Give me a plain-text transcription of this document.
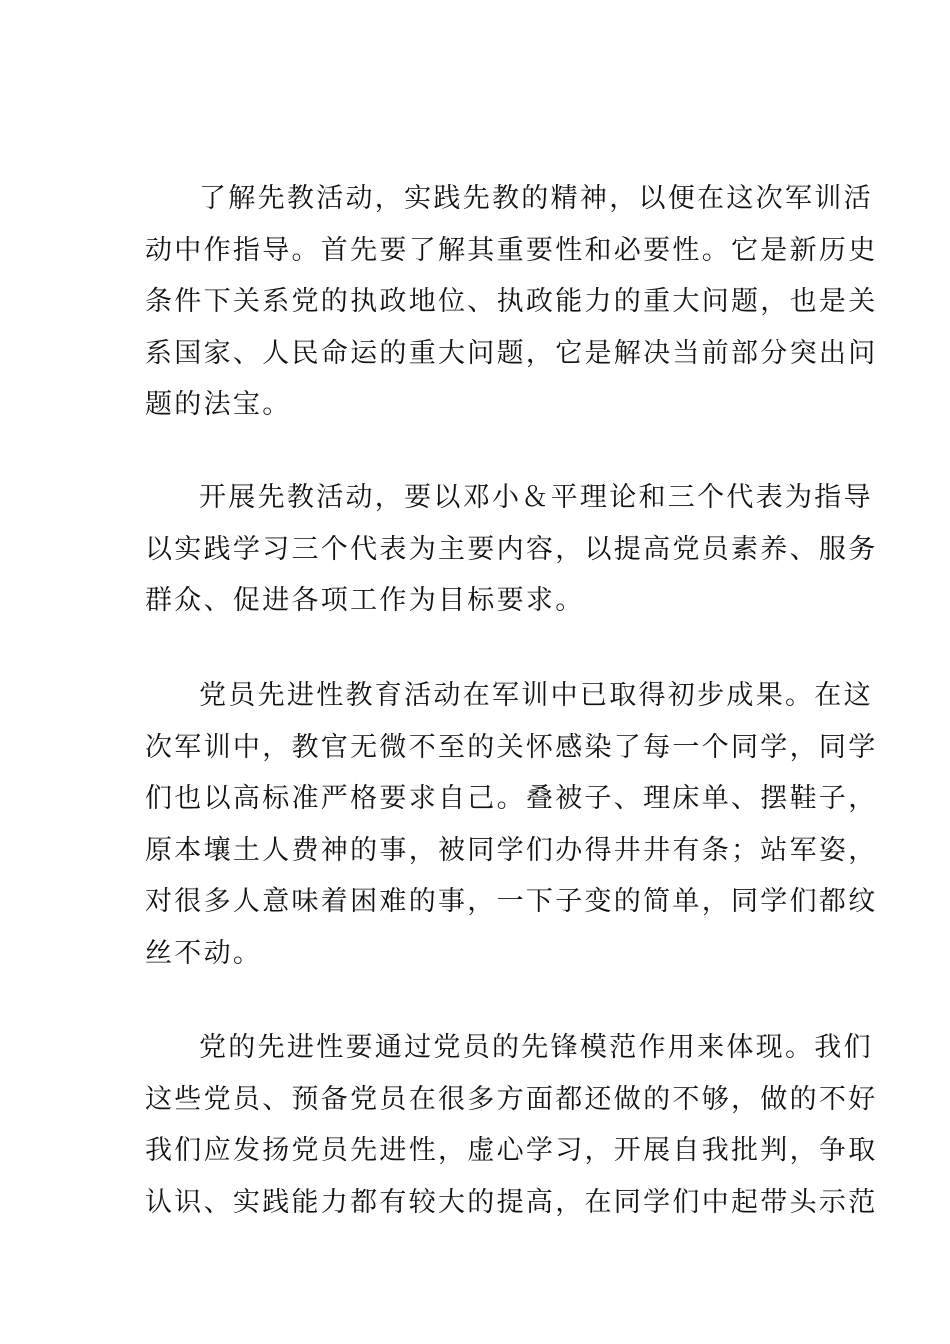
了解先教活动，实践先教的精神，以便在这次军训活
动中作指导。首先要了解其重要性和必要性。它是新历史
条件下关系党的执政地位、执政能力的重大问题，也是关
系国家、人民命运的重大问题，它是解决当前部分突出问
题的法宝。
开展先教活动，要以邓小＆平理论和三个代表为指导
以实践学习三个代表为主要内容，以提高党员素养、服务
群众、促进各项工作为目标要求。
党员先进性教育活动在军训中已取得初步成果。在这
次军训中，教官无微不至的关怀感染了每一个同学，同学
们也以高标准严格要求自己。叠被子、理床单、摆鞋子，
原本壤土人费神的事，被同学们办得井井有条；站军姿，
对很多人意味着困难的事，一下子变的简单，同学们都纹
丝不动。
党的先进性要通过党员的先锋模范作用来体现。我们
这些党员、预备党员在很多方面都还做的不够，做的不好
我们应发扬党员先进性，虚心学习，开展自我批判，争取
认识、实践能力都有较大的提高，在同学们中起带头示范
